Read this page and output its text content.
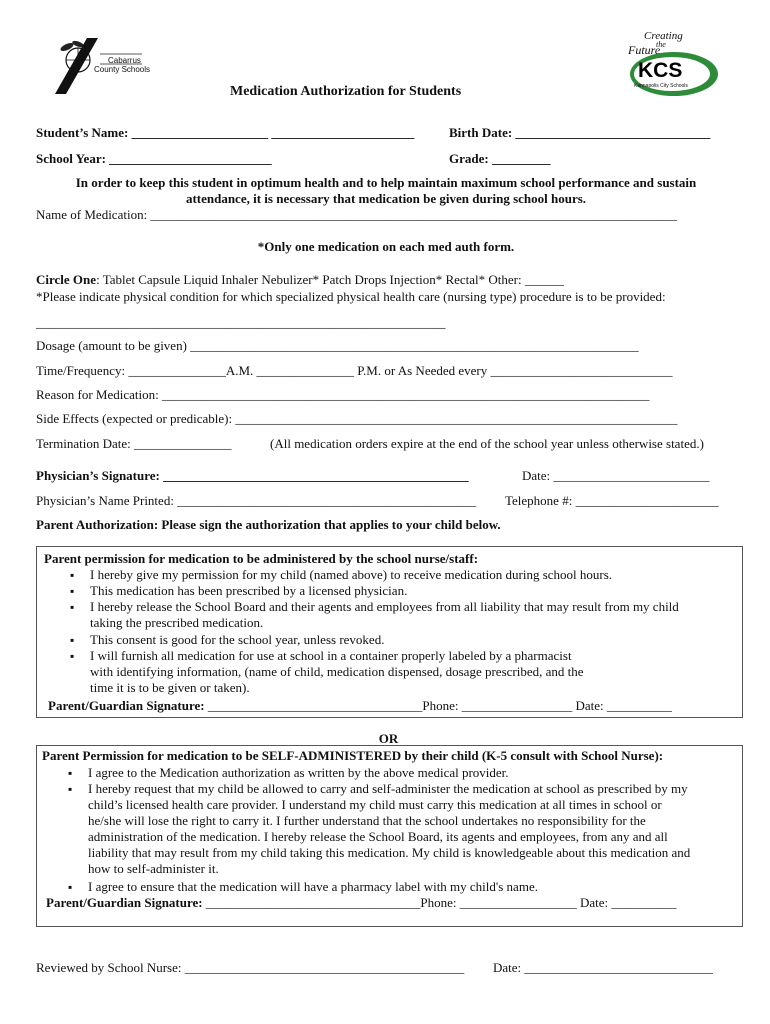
Cabarrus
County Schools
Creating
the
Future
KCS
Kannapolis City Schools
Medication Authorization for Students
Student’s Name: _____________________ ______________________	Birth Date: ______________________________
School Year: _________________________	Grade: _________
In order to keep this student in optimum health and to help maintain maximum school performance and sustain
attendance, it is necessary that medication be given during school hours.
Name of Medication: _________________________________________________________________________________
*Only one medication on each med auth form.
Circle One: Tablet Capsule Liquid Inhaler Nebulizer* Patch Drops Injection* Rectal* Other: ______
*Please indicate physical condition for which specialized physical health care (nursing type) procedure is to be provided:
_______________________________________________________________
Dosage (amount to be given) _____________________________________________________________________
Time/Frequency: _______________A.M. _______________ P.M. or As Needed every ____________________________
Reason for Medication: ___________________________________________________________________________
Side Effects (expected or predicable): ____________________________________________________________________
Termination Date: _______________	(All medication orders expire at the end of the school year unless otherwise stated.)
Physician’s Signature: _______________________________________________	Date: ________________________
Physician’s Name Printed: ______________________________________________ Telephone #: ______________________
Parent Authorization: Please sign the authorization that applies to your child below.
Parent permission for medication to be administered by the school nurse/staff:
▪ I hereby give my permission for my child (named above) to receive medication during school hours.
▪ This medication has been prescribed by a licensed physician.
▪ I hereby release the School Board and their agents and employees from all liability that may result from my child
taking the prescribed medication.
▪ This consent is good for the school year, unless revoked.
▪ I will furnish all medication for use at school in a container properly labeled by a pharmacist
with identifying information, (name of child, medication dispensed, dosage prescribed, and the
time it is to be given or taken).
Parent/Guardian Signature: _________________________________Phone: _________________ Date: __________
OR
Parent Permission for medication to be SELF-ADMINISTERED by their child (K-5 consult with School Nurse):
▪ I agree to the Medication authorization as written by the above medical provider.
▪ I hereby request that my child be allowed to carry and self-administer the medication at school as prescribed by my
child’s licensed health care provider. I understand my child must carry this medication at all times in school or
he/she will lose the right to carry it. I further understand that the school undertakes no responsibility for the
administration of the medication. I hereby release the School Board, its agents and employees, from any and all
liability that may result from my child taking this medication. My child is knowledgeable about this medication and
how to self-administer it.
▪ I agree to ensure that the medication will have a pharmacy label with my child's name.
Parent/Guardian Signature: _________________________________Phone: __________________ Date: __________
Reviewed by School Nurse: ___________________________________________ Date: _____________________________
